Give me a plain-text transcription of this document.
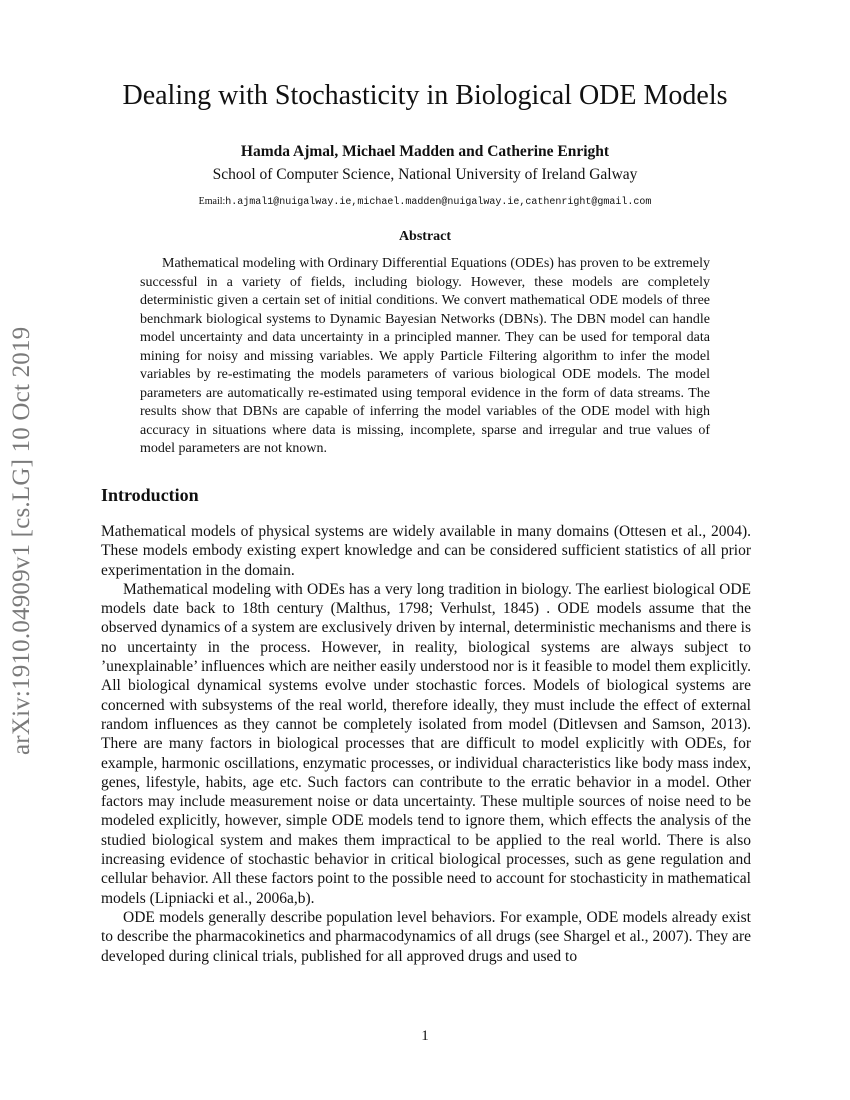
arXiv:1910.04909v1 [cs.LG] 10 Oct 2019
Dealing with Stochasticity in Biological ODE Models
Hamda Ajmal, Michael Madden and Catherine Enright
School of Computer Science, National University of Ireland Galway
Email:h.ajmal1@nuigalway.ie,michael.madden@nuigalway.ie,cathenright@gmail.com
Abstract

Mathematical modeling with Ordinary Differential Equations (ODEs) has proven to be extremely successful in a variety of fields, including biology. However, these models are completely deterministic given a certain set of initial conditions. We convert mathematical ODE models of three benchmark biological systems to Dynamic Bayesian Networks (DBNs). The DBN model can handle model uncertainty and data uncertainty in a principled manner. They can be used for temporal data mining for noisy and missing variables. We apply Particle Filtering algorithm to infer the model variables by re-estimating the models parameters of various biological ODE models. The model parameters are automatically re-estimated using temporal evidence in the form of data streams. The results show that DBNs are capable of inferring the model variables of the ODE model with high accuracy in situations where data is missing, incomplete, sparse and irregular and true values of model parameters are not known.

Introduction

Mathematical models of physical systems are widely available in many domains (Ottesen et al., 2004). These models embody existing expert knowledge and can be considered sufficient statistics of all prior experimentation in the domain.

Mathematical modeling with ODEs has a very long tradition in biology. The earliest biological ODE models date back to 18th century (Malthus, 1798; Verhulst, 1845) . ODE models assume that the observed dynamics of a system are exclusively driven by internal, deterministic mechanisms and there is no uncertainty in the process. However, in reality, biological systems are always subject to ’unexplainable’ influences which are neither easily understood nor is it feasible to model them explicitly. All biological dynamical systems evolve under stochastic forces. Models of biological systems are concerned with subsystems of the real world, therefore ideally, they must include the effect of external random influences as they cannot be completely isolated from model (Ditlevsen and Samson, 2013). There are many factors in biological processes that are difficult to model explicitly with ODEs, for example, harmonic oscillations, enzymatic processes, or individual characteristics like body mass index, genes, lifestyle, habits, age etc. Such factors can contribute to the erratic behavior in a model. Other factors may include measurement noise or data uncertainty. These multiple sources of noise need to be modeled explicitly, however, simple ODE models tend to ignore them, which effects the analysis of the studied biological system and makes them impractical to be applied to the real world. There is also increasing evidence of stochastic behavior in critical biological processes, such as gene regulation and cellular behavior. All these factors point to the possible need to account for stochasticity in mathematical models (Lipniacki et al., 2006a,b).

ODE models generally describe population level behaviors. For example, ODE models already exist to describe the pharmacokinetics and pharmacodynamics of all drugs (see Shargel et al., 2007). They are developed during clinical trials, published for all approved drugs and used to

1
